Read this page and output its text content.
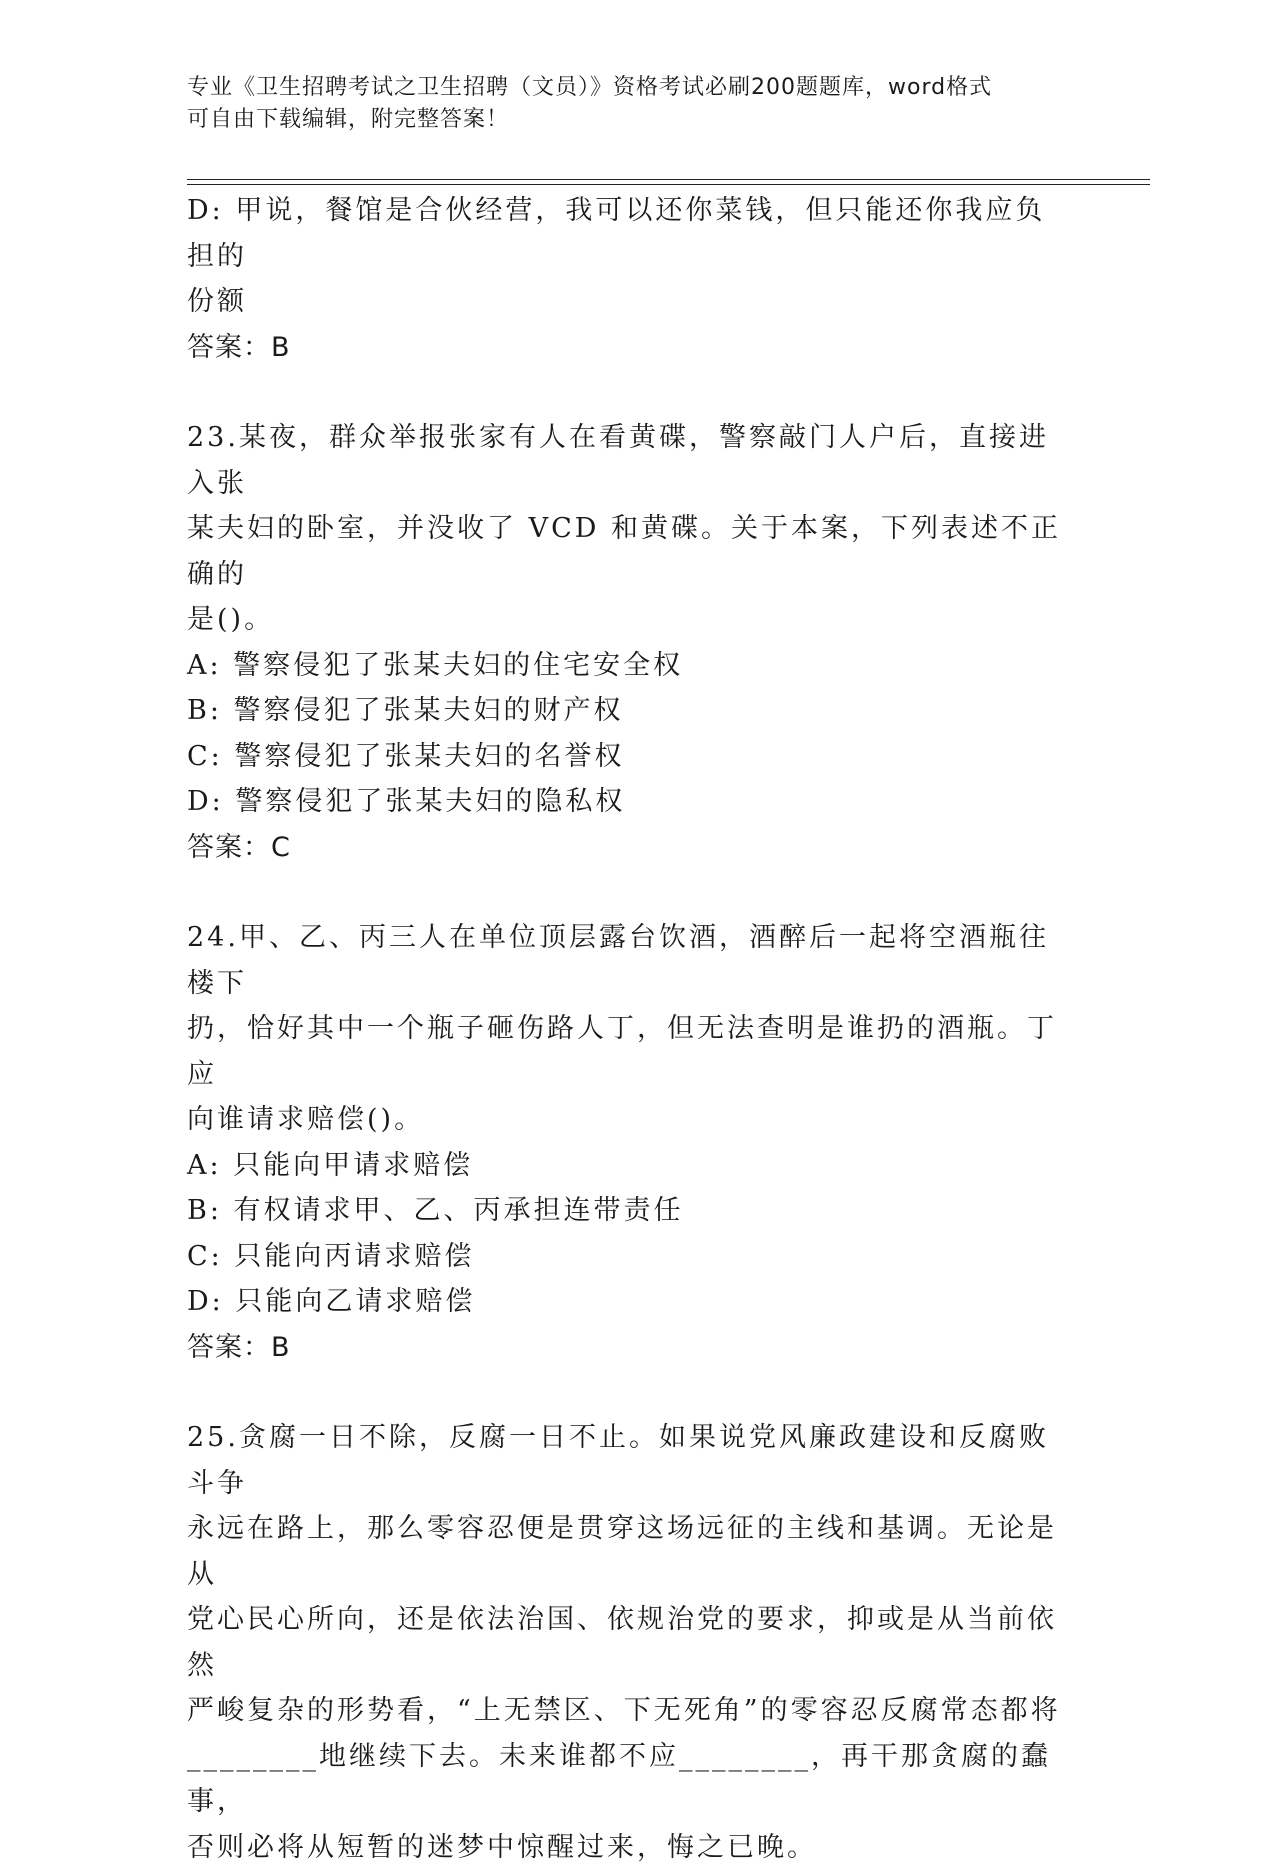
专业《卫生招聘考试之卫生招聘（文员）》资格考试必刷200题题库，word格式
可自由下载编辑，附完整答案！

D: 甲说，餐馆是合伙经营，我可以还你菜钱，但只能还你我应负担的

份额

答案：B

23.某夜，群众举报张家有人在看黄碟，警察敲门人户后，直接进入张

某夫妇的卧室，并没收了 VCD 和黄碟。关于本案，下列表述不正确的

是()。

A: 警察侵犯了张某夫妇的住宅安全权

B: 警察侵犯了张某夫妇的财产权

C: 警察侵犯了张某夫妇的名誉权

D: 警察侵犯了张某夫妇的隐私权

答案：C

24.甲、乙、丙三人在单位顶层露台饮酒，酒醉后一起将空酒瓶往楼下

扔，恰好其中一个瓶子砸伤路人丁，但无法查明是谁扔的酒瓶。丁应

向谁请求赔偿()。

A: 只能向甲请求赔偿

B: 有权请求甲、乙、丙承担连带责任

C: 只能向丙请求赔偿

D: 只能向乙请求赔偿

答案：B

25.贪腐一日不除，反腐一日不止。如果说党风廉政建设和反腐败斗争

永远在路上，那么零容忍便是贯穿这场远征的主线和基调。无论是从

党心民心所向，还是依法治国、依规治党的要求，抑或是从当前依然

严峻复杂的形势看，“上无禁区、下无死角”的零容忍反腐常态都将

________地继续下去。未来谁都不应________，再干那贪腐的蠢事，

否则必将从短暂的迷梦中惊醒过来，悔之已晚。
